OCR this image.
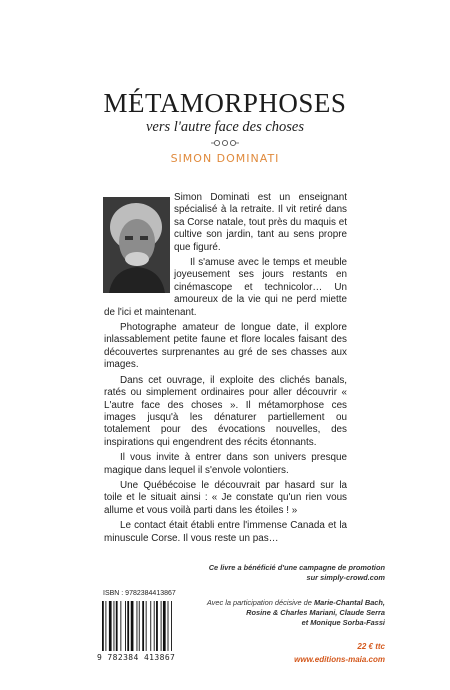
MÉTAMORPHOSES
vers l'autre face des choses
SIMON DOMINATI

Simon Dominati est un enseignant spécialisé à la retraite. Il vit retiré dans sa Corse natale, tout près du maquis et cultive son jardin, tant au sens propre que figuré.

Il s'amuse avec le temps et meuble joyeusement ses jours restants en cinémascope et technicolor… Un amoureux de la vie qui ne perd miette de l'ici et maintenant.

Photographe amateur de longue date, il explore inlassablement petite faune et flore locales faisant des découvertes surprenantes au gré de ses chasses aux images.

Dans cet ouvrage, il exploite des clichés banals, ratés ou simplement ordinaires pour aller découvrir « L'autre face des choses ». Il métamorphose ces images jusqu'à les dénaturer partiellement ou totalement pour des évocations nouvelles, des inspirations qui engendrent des récits étonnants.

Il vous invite à entrer dans son univers presque magique dans lequel il s'envole volontiers.

Une Québécoise le découvrait par hasard sur la toile et le situait ainsi : « Je constate qu'un rien vous allume et vous voilà parti dans les étoiles ! »

Le contact était établi entre l'immense Canada et la minuscule Corse. Il vous reste un pas…

Ce livre a bénéficié d'une campagne de promotion
sur simply-crowd.com
Avec la participation décisive de Marie-Chantal Bach,
Rosine & Charles Mariani, Claude Serra
et Monique Sorba-Fassi
ISBN : 9782384413867
9 782384 413867
22 € ttc
www.editions-maia.com
